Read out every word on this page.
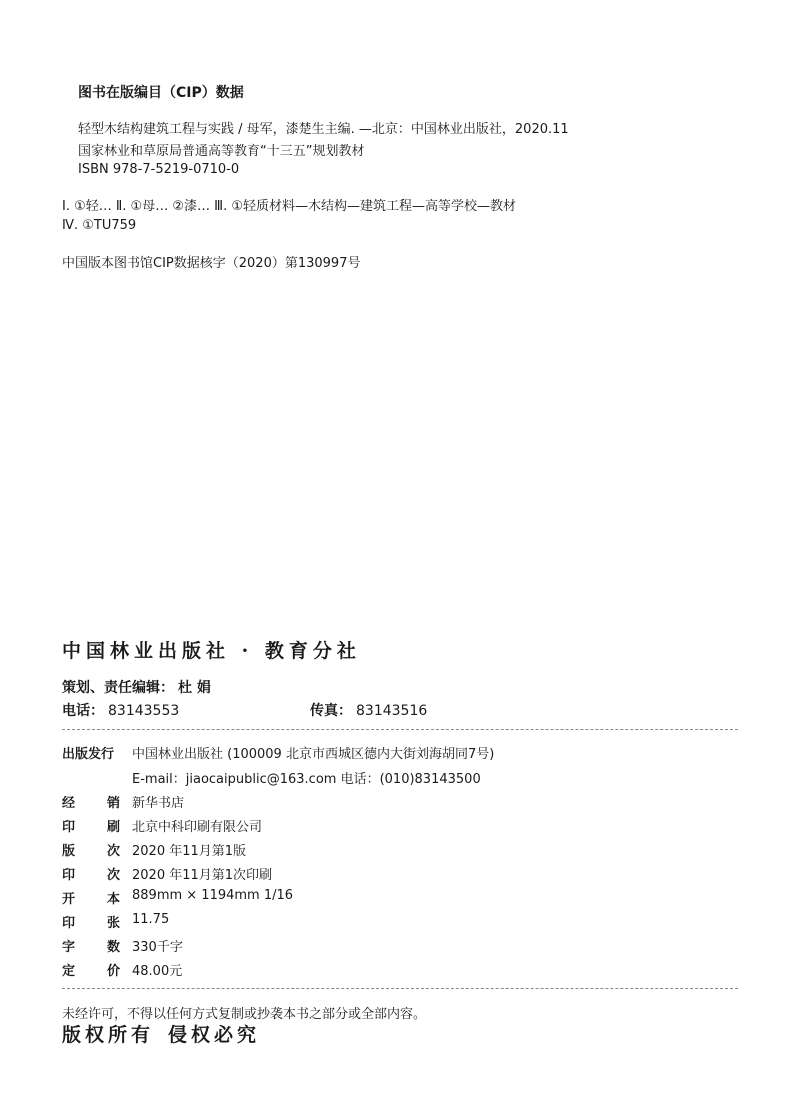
图书在版编目（CIP）数据
轻型木结构建筑工程与实践 / 母军，漆楚生主编. —北京：中国林业出版社，2020.11
国家林业和草原局普通高等教育“十三五”规划教材
ISBN 978-7-5219-0710-0
Ⅰ. ①轻… Ⅱ. ①母… ②漆… Ⅲ. ①轻质材料—木结构—建筑工程—高等学校—教材
Ⅳ. ①TU759
中国版本图书馆CIP数据核字（2020）第130997号
中国林业出版社 · 教育分社
策划、责任编辑： 杜 娟
电话： 83143553	传真： 83143516
出版发行 中国林业出版社 (100009 北京市西城区德内大街刘海胡同7号)
E-mail：jiaocaipublic@163.com 电话：(010)83143500
经 销 新华书店
印 刷 北京中科印刷有限公司
版 次 2020 年11月第1版
印 次 2020 年11月第1次印刷
开 本 889mm × 1194mm 1/16
印 张 11.75
字 数 330千字
定 价 48.00元
未经许可，不得以任何方式复制或抄袭本书之部分或全部内容。
版权所有 侵权必究
